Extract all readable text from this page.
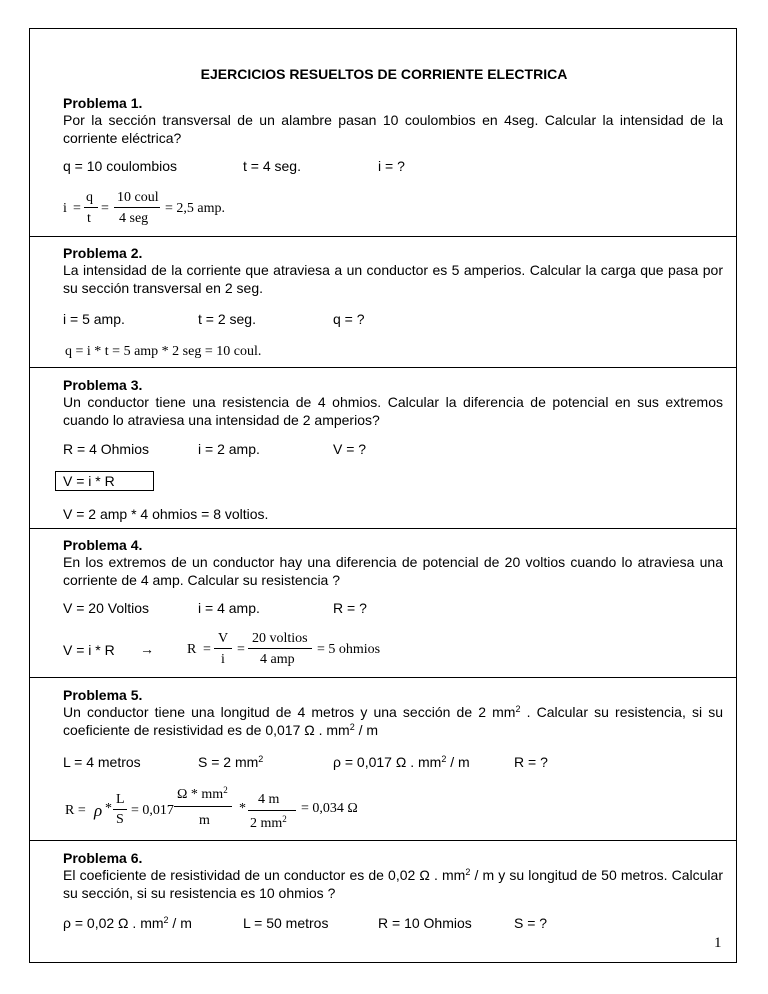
EJERCICIOS RESUELTOS DE CORRIENTE ELECTRICA
Problema 1.
Por la sección transversal de un alambre pasan 10 coulombios en 4seg. Calcular la intensidad de la corriente eléctrica?
q = 10 coulombios	t = 4 seg.	i = ?
i =
q
t
=
10 coul
4 seg
= 2,5 amp.
Problema 2.
La intensidad de la corriente que atraviesa a un conductor es 5 amperios. Calcular la carga que pasa por su sección transversal en 2 seg.
i = 5 amp.	t = 2 seg.	q = ?
q = i * t = 5 amp * 2 seg = 10 coul.
Problema 3.
Un conductor tiene una resistencia de 4 ohmios. Calcular la diferencia de potencial en sus extremos cuando lo atraviesa una intensidad de 2 amperios?
R = 4 Ohmios	i = 2 amp.	V = ?
V = i * R
V = 2 amp * 4 ohmios = 8 voltios.
Problema 4.
En los extremos de un conductor hay una diferencia de potencial de 20 voltios cuando lo atraviesa una corriente de 4 amp. Calcular su resistencia ?
V = 20 Voltios	i = 4 amp.	R = ?
V = i * R → R =
V
i
=
20 voltios
4 amp
= 5 ohmios
Problema 5.
Un conductor tiene una longitud de 4 metros y una sección de 2 $mm^2$ . Calcular su resistencia, si su coeficiente de resistividad es de 0,017 Ω . $mm^2$ / m
L = 4 metros	S = 2 $mm^2$	ρ = 0,017 Ω . $mm^2$ / m	R = ?
R = ρ *
L
S
= 0,017
Ω * $mm^2$
m
*
4 m
2 $mm^2$
= 0,034 Ω
Problema 6.
El coeficiente de resistividad de un conductor es de 0,02 Ω . $mm^2$ / m y su longitud de 50 metros. Calcular su sección, si su resistencia es 10 ohmios ?
ρ = 0,02 Ω . $mm^2$ / m	L = 50 metros	R = 10 Ohmios	S = ?
1
